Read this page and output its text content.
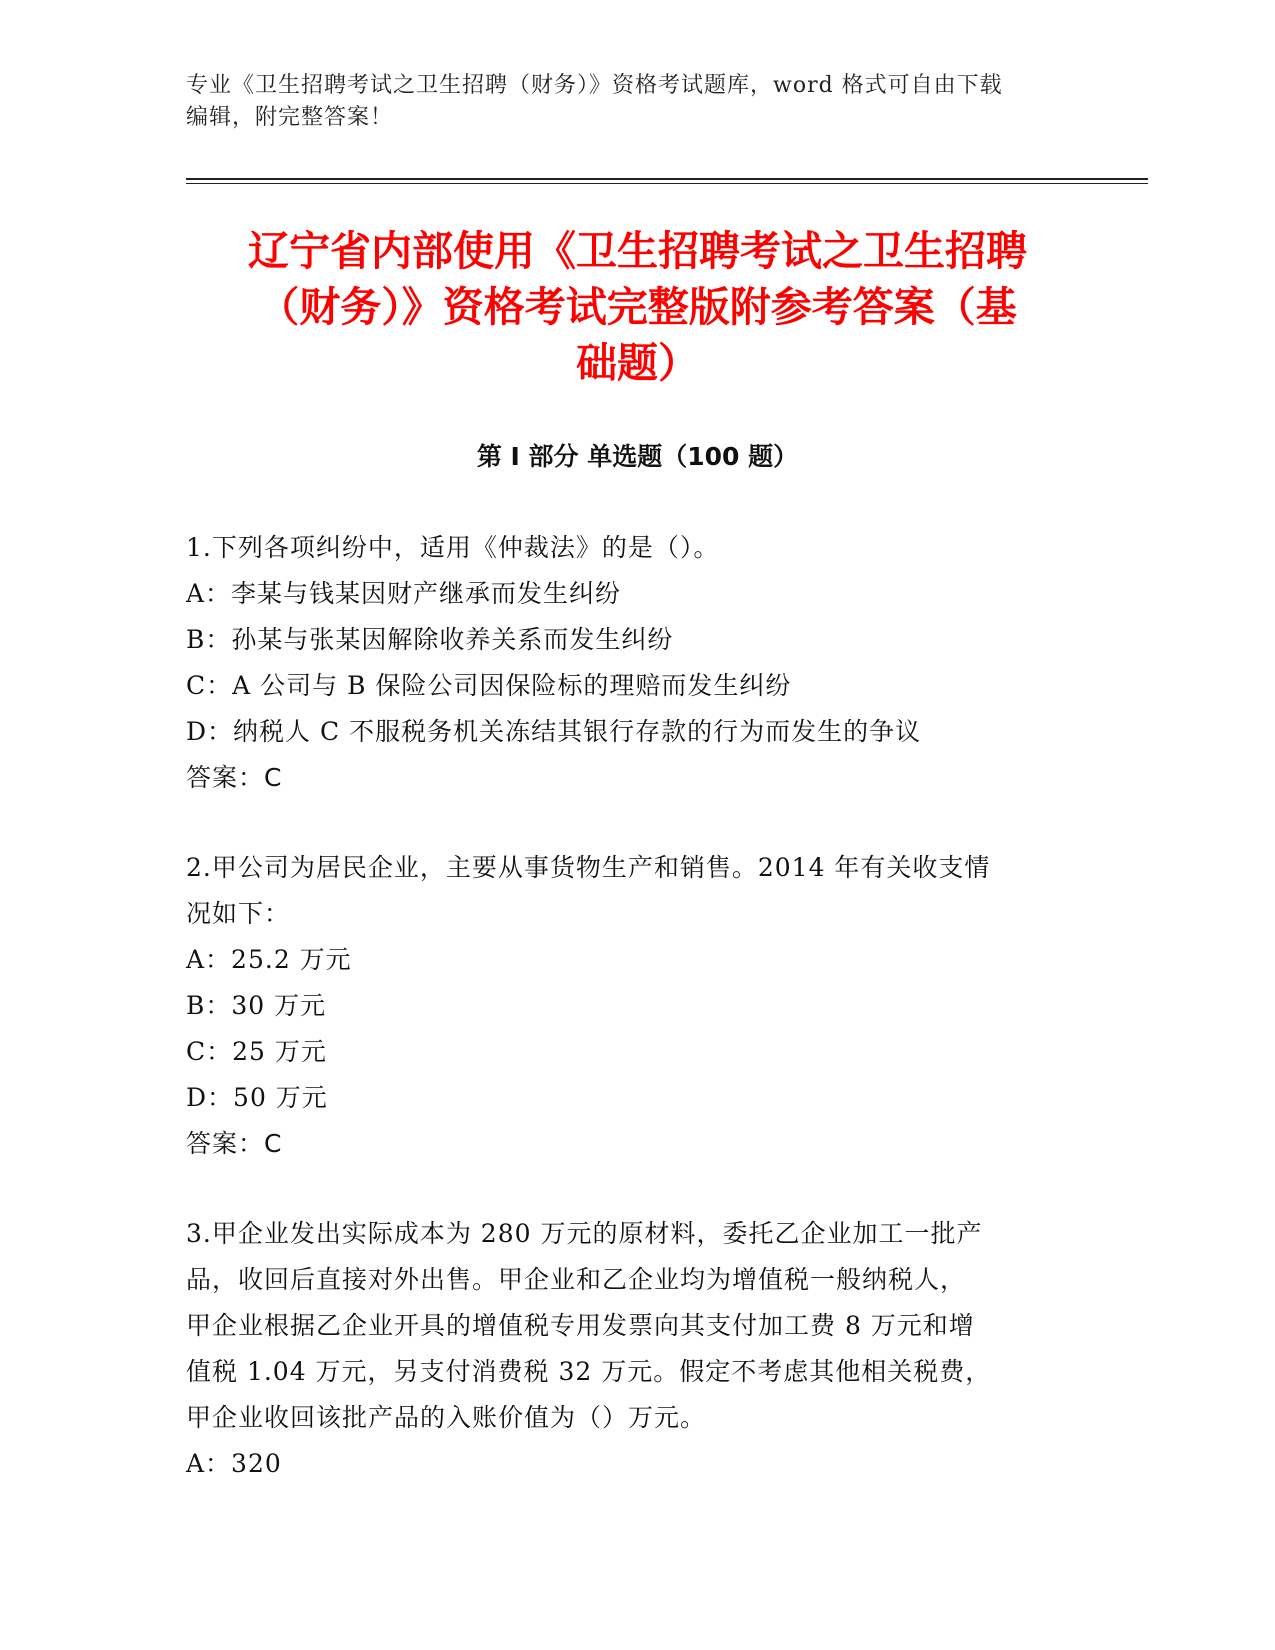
专业《卫生招聘考试之卫生招聘（财务）》资格考试题库，word 格式可自由下载
编辑，附完整答案！
辽宁省内部使用《卫生招聘考试之卫生招聘
（财务）》资格考试完整版附参考答案（基
础题）
第 I 部分 单选题（100 题）
1.下列各项纠纷中，适用《仲裁法》的是（）。
A：李某与钱某因财产继承而发生纠纷
B：孙某与张某因解除收养关系而发生纠纷
C：A 公司与 B 保险公司因保险标的理赔而发生纠纷
D：纳税人 C 不服税务机关冻结其银行存款的行为而发生的争议
答案：C
2.甲公司为居民企业，主要从事货物生产和销售。2014 年有关收支情
况如下：
A：25.2 万元
B：30 万元
C：25 万元
D：50 万元
答案：C
3.甲企业发出实际成本为 280 万元的原材料，委托乙企业加工一批产
品，收回后直接对外出售。甲企业和乙企业均为增值税一般纳税人，
甲企业根据乙企业开具的增值税专用发票向其支付加工费 8 万元和增
值税 1.04 万元，另支付消费税 32 万元。假定不考虑其他相关税费，
甲企业收回该批产品的入账价值为（）万元。
A：320
